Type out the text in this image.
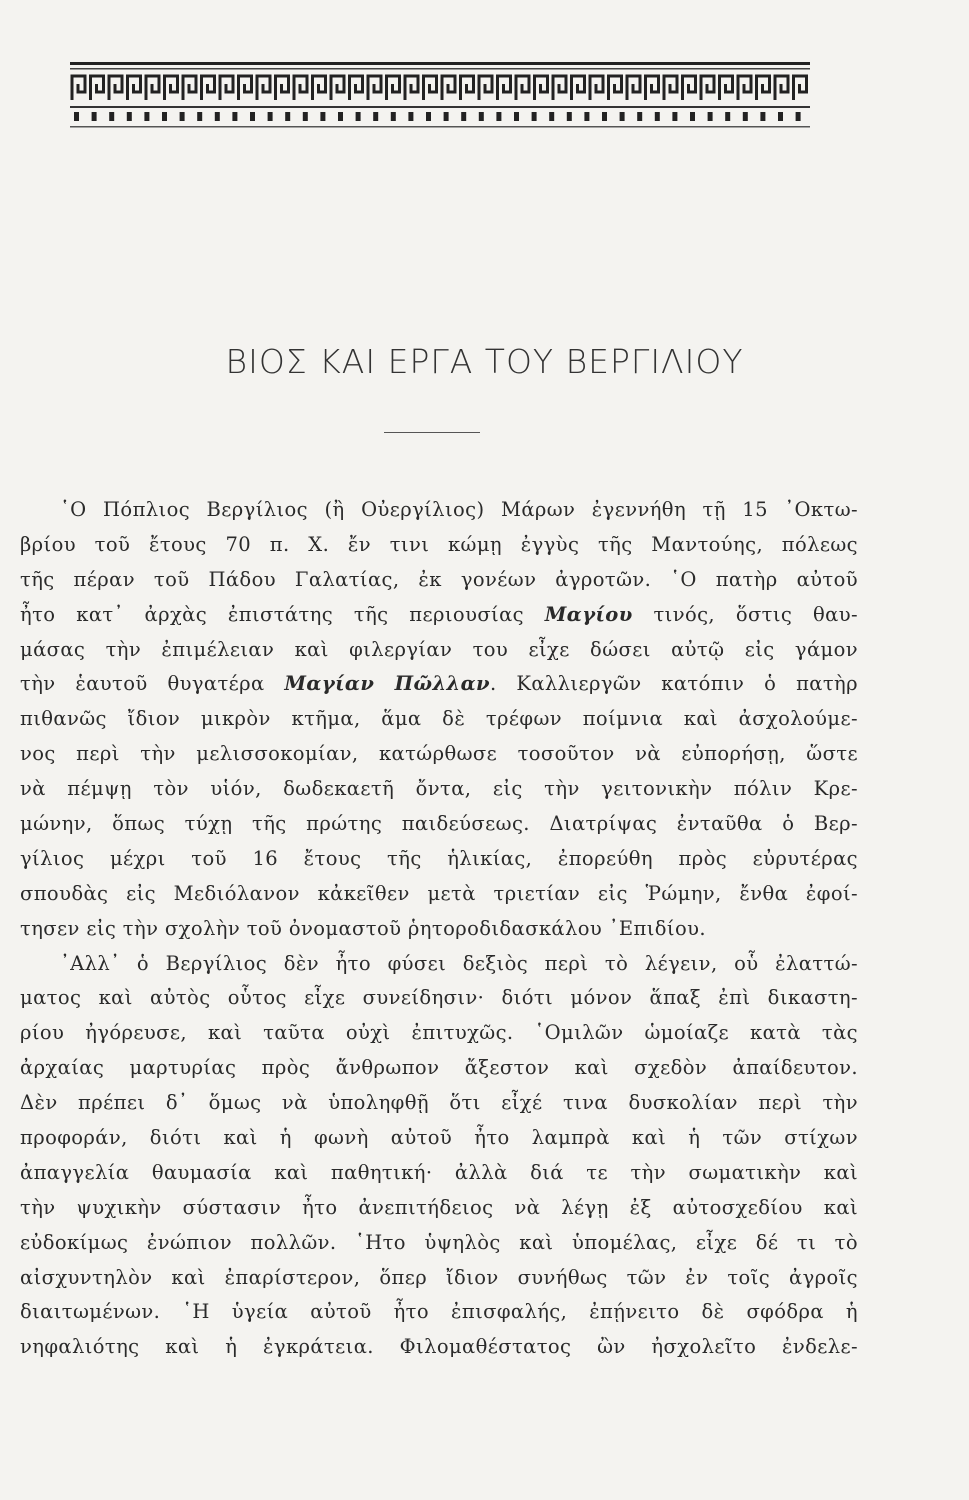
ΒΙΟΣ ΚΑΙ ΕΡΓΑ ΤΟΥ ΒΕΡΓΙΛΙΟΥ
῾Ο Πόπλιος Βεργίλιος (ἢ Οὐεργίλιος) Μάρων ἐγεννήθη τῇ 15 ᾿Οκτω-
βρίου τοῦ ἔτους 70 π. Χ. ἔν τινι κώμῃ ἐγγὺς τῆς Μαντούης, πόλεως
τῆς πέραν τοῦ Πάδου Γαλατίας, ἐκ γονέων ἀγροτῶν. ῾Ο πατὴρ αὐτοῦ
ἦτο κατ᾿ ἀρχὰς ἐπιστάτης τῆς περιουσίας Μαγίου τινός, ὅστις θαυ-
μάσας τὴν ἐπιμέλειαν καὶ φιλεργίαν του εἶχε δώσει αὐτῷ εἰς γάμον
τὴν ἑαυτοῦ θυγατέρα Μαγίαν Πῶλλαν. Καλλιεργῶν κατόπιν ὁ πατὴρ
πιθανῶς ἴδιον μικρὸν κτῆμα, ἅμα δὲ τρέφων ποίμνια καὶ ἀσχολούμε-
νος περὶ τὴν μελισσοκομίαν, κατώρθωσε τοσοῦτον νὰ εὐπορήσῃ, ὥστε
νὰ πέμψῃ τὸν υἱόν, δωδεκαετῆ ὄντα, εἰς τὴν γειτονικὴν πόλιν Κρε-
μώνην, ὅπως τύχῃ τῆς πρώτης παιδεύσεως. Διατρίψας ἐνταῦθα ὁ Βερ-
γίλιος μέχρι τοῦ 16 ἔτους τῆς ἡλικίας, ἐπορεύθη πρὸς εὐρυτέρας
σπουδὰς εἰς Μεδιόλανον κἀκεῖθεν μετὰ τριετίαν εἰς Ῥώμην, ἔνθα ἐφοί-
τησεν εἰς τὴν σχολὴν τοῦ ὀνομαστοῦ ῥητοροδιδασκάλου ᾿Επιδίου.
᾿Αλλ᾿ ὁ Βεργίλιος δὲν ἦτο φύσει δεξιὸς περὶ τὸ λέγειν, οὗ ἐλαττώ-
ματος καὶ αὐτὸς οὗτος εἶχε συνείδησιν· διότι μόνον ἅπαξ ἐπὶ δικαστη-
ρίου ἠγόρευσε, καὶ ταῦτα οὐχὶ ἐπιτυχῶς. ῾Ομιλῶν ὡμοίαζε κατὰ τὰς
ἀρχαίας μαρτυρίας πρὸς ἄνθρωπον ἄξεστον καὶ σχεδὸν ἀπαίδευτον.
Δὲν πρέπει δ᾿ ὅμως νὰ ὑποληφθῇ ὅτι εἶχέ τινα δυσκολίαν περὶ τὴν
προφοράν, διότι καὶ ἡ φωνὴ αὐτοῦ ἦτο λαμπρὰ καὶ ἡ τῶν στίχων
ἀπαγγελία θαυμασία καὶ παθητική· ἀλλὰ διά τε τὴν σωματικὴν καὶ
τὴν ψυχικὴν σύστασιν ἦτο ἀνεπιτήδειος νὰ λέγῃ ἐξ αὐτοσχεδίου καὶ
εὐδοκίμως ἐνώπιον πολλῶν. ῾Ητο ὑψηλὸς καὶ ὑπομέλας, εἶχε δέ τι τὸ
αἰσχυντηλὸν καὶ ἐπαρίστερον, ὅπερ ἴδιον συνήθως τῶν ἐν τοῖς ἀγροῖς
διαιτωμένων. ῾Η ὑγεία αὐτοῦ ἦτο ἐπισφαλής, ἐπῄνειτο δὲ σφόδρα ἡ
νηφαλιότης καὶ ἡ ἐγκράτεια. Φιλομαθέστατος ὢν ἠσχολεῖτο ἐνδελε-
